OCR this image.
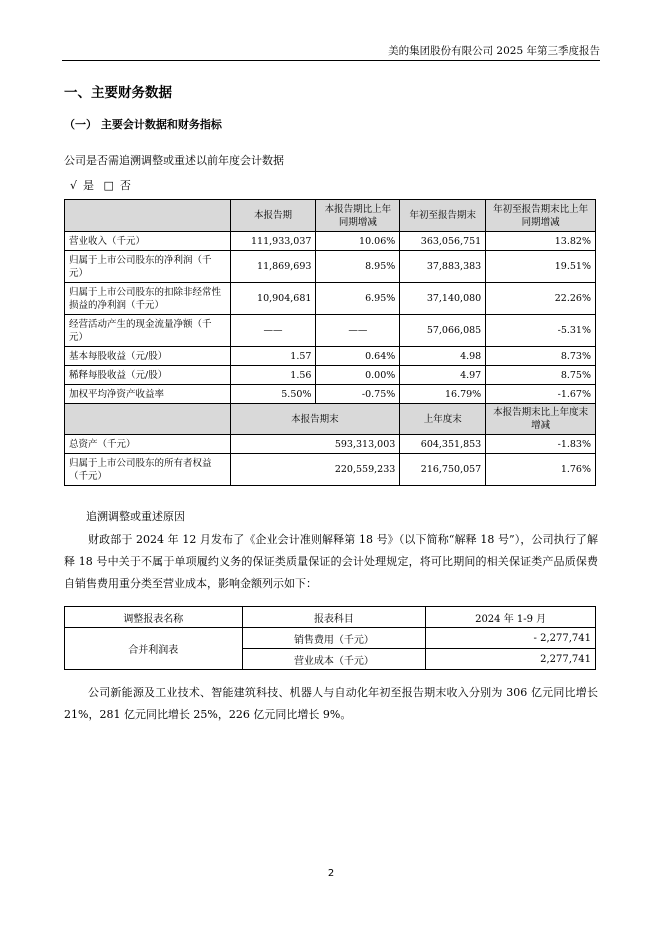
美的集团股份有限公司 2025 年第三季度报告
一、主要财务数据
（一） 主要会计数据和财务指标
公司是否需追溯调整或重述以前年度会计数据
√ 是 □ 否
	本报告期	本报告期比上年同期增减	年初至报告期末	年初至报告期末比上年同期增减
营业收入（千元）	111,933,037	10.06%	363,056,751	13.82%
归属于上市公司股东的净利润（千元）	11,869,693	8.95%	37,883,383	19.51%
归属于上市公司股东的扣除非经常性损益的净利润（千元）	10,904,681	6.95%	37,140,080	22.26%
经营活动产生的现金流量净额（千元）	——	——	57,066,085	-5.31%
基本每股收益（元/股）	1.57	0.64%	4.98	8.73%
稀释每股收益（元/股）	1.56	0.00%	4.97	8.75%
加权平均净资产收益率	5.50%	-0.75%	16.79%	-1.67%
	本报告期末		上年度末	本报告期末比上年度末增减
总资产（千元）	593,313,003		604,351,853	-1.83%
归属于上市公司股东的所有者权益（千元）	220,559,233		216,750,057	1.76%
追溯调整或重述原因
财政部于 2024 年 12 月发布了《企业会计准则解释第 18 号》（以下简称“解释 18 号”），公司执行了解释 18 号中关于不属于单项履约义务的保证类质量保证的会计处理规定，将可比期间的相关保证类产品质保费自销售费用重分类至营业成本，影响金额列示如下：
调整报表名称	报表科目	2024 年 1-9 月
合并利润表	销售费用（千元）	- 2,277,741
	营业成本（千元）	2,277,741
公司新能源及工业技术、智能建筑科技、机器人与自动化年初至报告期末收入分别为 306 亿元同比增长 21%，281 亿元同比增长 25%，226 亿元同比增长 9%。
2
